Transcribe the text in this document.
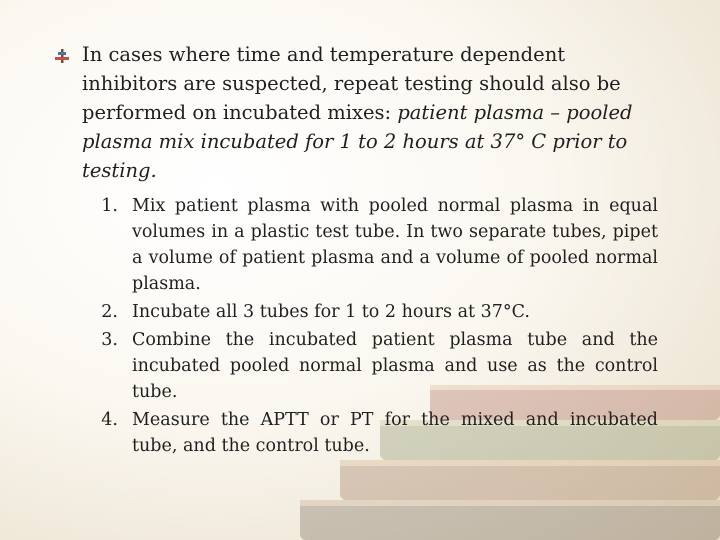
In cases where time and temperature dependent inhibitors are suspected, repeat testing should also be performed on incubated mixes: patient plasma – pooled plasma mix incubated for 1 to 2 hours at 37° C prior to testing.
1. Mix patient plasma with pooled normal plasma in equal volumes in a plastic test tube. In two separate tubes, pipet a volume of patient plasma and a volume of pooled normal plasma.
2. Incubate all 3 tubes for 1 to 2 hours at 37°C.
3. Combine the incubated patient plasma tube and the incubated pooled normal plasma and use as the control tube.
4. Measure the APTT or PT for the mixed and incubated tube, and the control tube.
